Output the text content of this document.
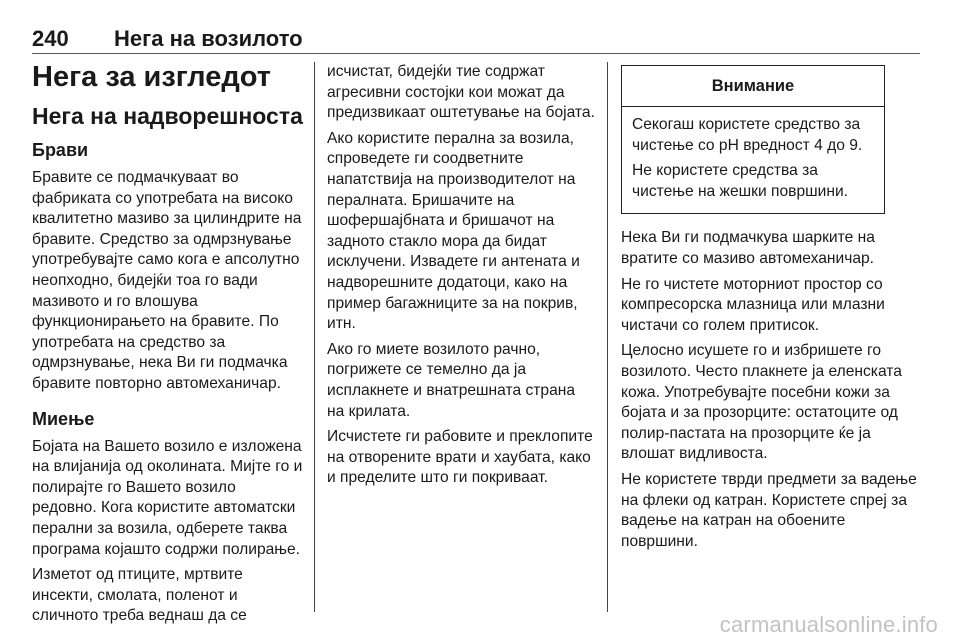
240 Нега на возилото
Нега за изгледот
Нега на надворешноста
Брави

Бравите се подмачкуваат во фабриката со употребата на високо квалитетно мазиво за цилиндрите на бравите. Средство за одмрзнување употребувајте само кога е апсолутно неопходно, бидејќи тоа го вади мазивото и го влошува функционирањето на бравите. По употребата на средство за одмрзнување, нека Ви ги подмачка бравите повторно автомеханичар.

Миење

Бојата на Вашето возило е изложена на влијанија од околината. Мијте го и полирајте го Вашето возило редовно. Кога користите автоматски перални за возила, одберете таква програма којашто содржи полирање.

Изметот од птиците, мртвите инсекти, смолата, поленот и сличното треба веднаш да се

исчистат, бидејќи тие содржат агресивни состојки кои можат да предизвикаат оштетување на бојата.

Ако користите перална за возила, спроведете ги соодветните напатствија на производителот на пералната. Бришачите на шофершајбната и бришачот на задното стакло мора да бидат исклучени. Извадете ги антената и надворешните додатоци, како на пример багажниците за на покрив, итн.

Ако го миете возилото рачно, погрижете се темелно да ја исплакнете и внатрешната страна на крилата.

Исчистете ги рабовите и преклопите на отворените врати и хаубата, како и пределите што ги покриваат.

Внимание

Секогаш користете средство за чистење со pH вредност 4 до 9.

Не користете средства за чистење на жешки површини.

Нека Ви ги подмачкува шарките на вратите со мазиво автомеханичар.

Не го чистете моторниот простор со компресорска млазница или млазни чистачи со голем притисок.

Целосно исушете го и избришете го возилото. Често плакнете ја еленската кожа. Употребувајте посебни кожи за бојата и за прозорците: остатоците од полир-пастата на прозорците ќе ја влошат видливоста.

Не користете тврди предмети за вадење на флеки од катран. Користете спреј за вадење на катран на обоените површини.

carmanualsonline.info
